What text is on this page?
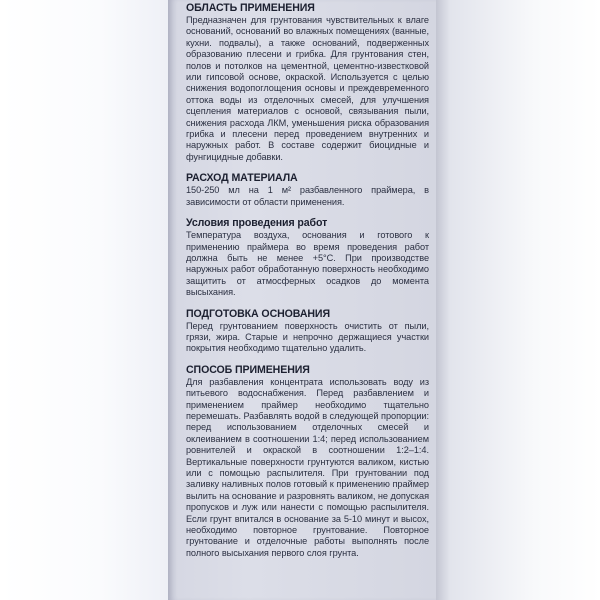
ОБЛАСТЬ ПРИМЕНЕНИЯ
Предназначен для грунтования чувствительных к влаге оснований, оснований во влажных помещениях (ванные, кухни. подвалы), а также оснований, подверженных образованию плесени и грибка. Для грунтования стен, полов и потолков на цементной, цементно-известковой или гипсовой основе, окраской. Используется с целью снижения водопоглощения основы и преждевременного оттока воды из отделочных смесей, для улучшения сцепления материалов с основой, связывания пыли, снижения расхода ЛКМ, уменьшения риска образования грибка и плесени перед проведением внутренних и наружных работ. В составе содержит биоцидные и фунгицидные добавки.
РАСХОД МАТЕРИАЛА
150-250 мл на 1 м² разбавленного праймера, в зависимости от области применения.
Условия проведения работ
Температура воздуха, основания и готового к применению праймера во время проведения работ должна быть не менее +5°С. При производстве наружных работ обработанную поверхность необходимо защитить от атмосферных осадков до момента высыхания.
ПОДГОТОВКА ОСНОВАНИЯ
Перед грунтованием поверхность очистить от пыли, грязи, жира. Старые и непрочно держащиеся участки покрытия необходимо тщательно удалить.
СПОСОБ ПРИМЕНЕНИЯ
Для разбавления концентрата использовать воду из питьевого водоснабжения. Перед разбавлением и применением праймер необходимо тщательно перемешать. Разбавлять водой в следующей пропорции: перед использованием отделочных смесей и оклеиванием в соотношении 1:4; перед использованием ровнителей и окраской в соотношении 1:2–1:4. Вертикальные поверхности грунтуются валиком, кистью или с помощью распылителя. При грунтовании под заливку наливных полов готовый к применению праймер вылить на основание и разровнять валиком, не допуская пропусков и луж или нанести с помощью распылителя. Если грунт впитался в основание за 5-10 минут и высох, необходимо повторное грунтование. Повторное грунтование и отделочные работы выполнять после полного высыхания первого слоя грунта.
